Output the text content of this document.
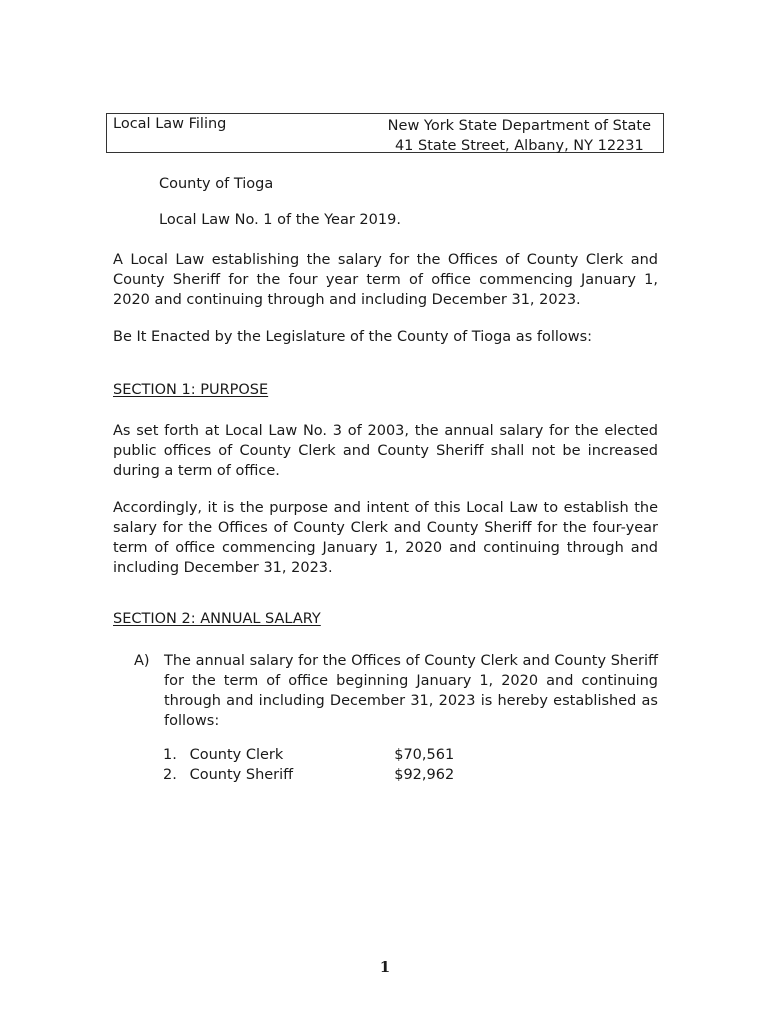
Local Law Filing	New York State Department of State
41 State Street, Albany, NY 12231
County of Tioga
Local Law No. 1 of the Year 2019.
A Local Law establishing the salary for the Offices of County Clerk and County Sheriff for the four year term of office commencing January 1, 2020 and continuing through and including December 31, 2023.
Be It Enacted by the Legislature of the County of Tioga as follows:
SECTION 1: PURPOSE
As set forth at Local Law No. 3 of 2003, the annual salary for the elected public offices of County Clerk and County Sheriff shall not be increased during a term of office.
Accordingly, it is the purpose and intent of this Local Law to establish the salary for the Offices of County Clerk and County Sheriff for the four-year term of office commencing January 1, 2020 and continuing through and including December 31, 2023.
SECTION 2: ANNUAL SALARY
A) The annual salary for the Offices of County Clerk and County Sheriff for the term of office beginning January 1, 2020 and continuing through and including December 31, 2023 is hereby established as follows:
1. County Clerk	$70,561
2. County Sheriff	$92,962
1
